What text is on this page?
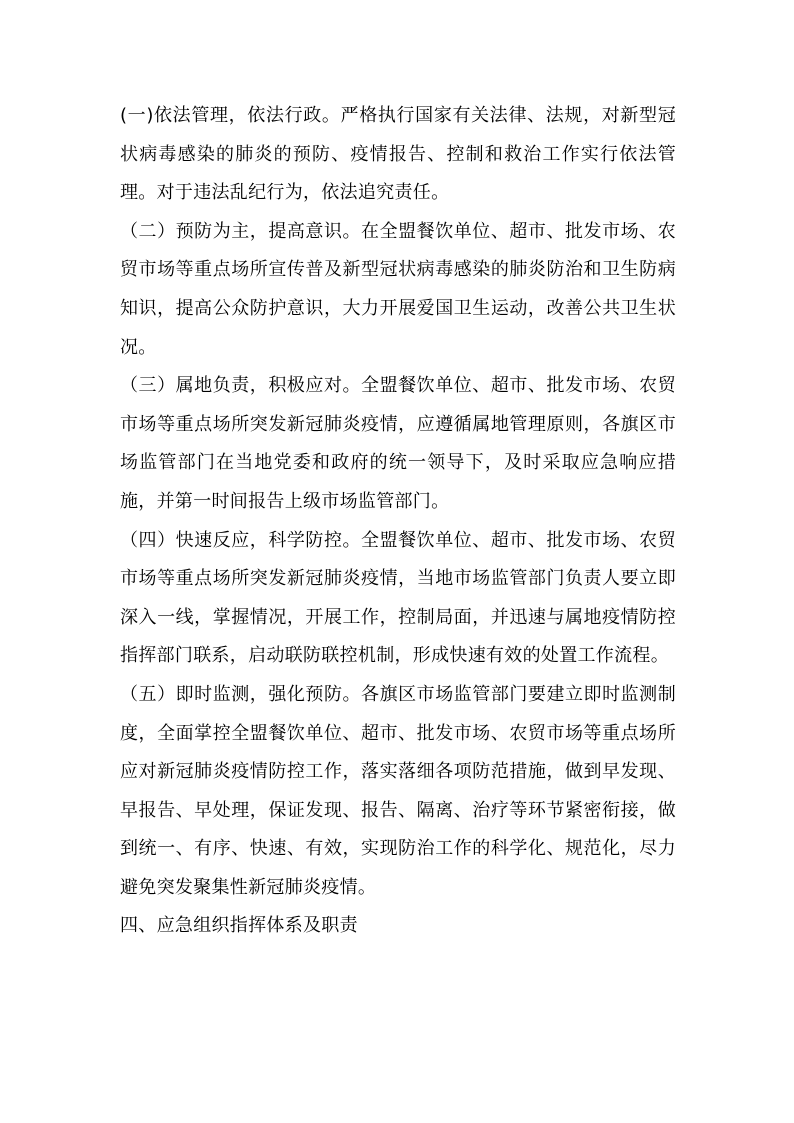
(一)依法管理，依法行政。严格执行国家有关法律、法规，对新型冠状病毒感染的肺炎的预防、疫情报告、控制和救治工作实行依法管理。对于违法乱纪行为，依法追究责任。

（二）预防为主，提高意识。在全盟餐饮单位、超市、批发市场、农贸市场等重点场所宣传普及新型冠状病毒感染的肺炎防治和卫生防病知识，提高公众防护意识，大力开展爱国卫生运动，改善公共卫生状况。

（三）属地负责，积极应对。全盟餐饮单位、超市、批发市场、农贸市场等重点场所突发新冠肺炎疫情，应遵循属地管理原则，各旗区市场监管部门在当地党委和政府的统一领导下，及时采取应急响应措施，并第一时间报告上级市场监管部门。

（四）快速反应，科学防控。全盟餐饮单位、超市、批发市场、农贸市场等重点场所突发新冠肺炎疫情，当地市场监管部门负责人要立即深入一线，掌握情况，开展工作，控制局面，并迅速与属地疫情防控指挥部门联系，启动联防联控机制，形成快速有效的处置工作流程。

（五）即时监测，强化预防。各旗区市场监管部门要建立即时监测制度，全面掌控全盟餐饮单位、超市、批发市场、农贸市场等重点场所应对新冠肺炎疫情防控工作，落实落细各项防范措施，做到早发现、早报告、早处理，保证发现、报告、隔离、治疗等环节紧密衔接，做到统一、有序、快速、有效，实现防治工作的科学化、规范化，尽力避免突发聚集性新冠肺炎疫情。

四、应急组织指挥体系及职责
